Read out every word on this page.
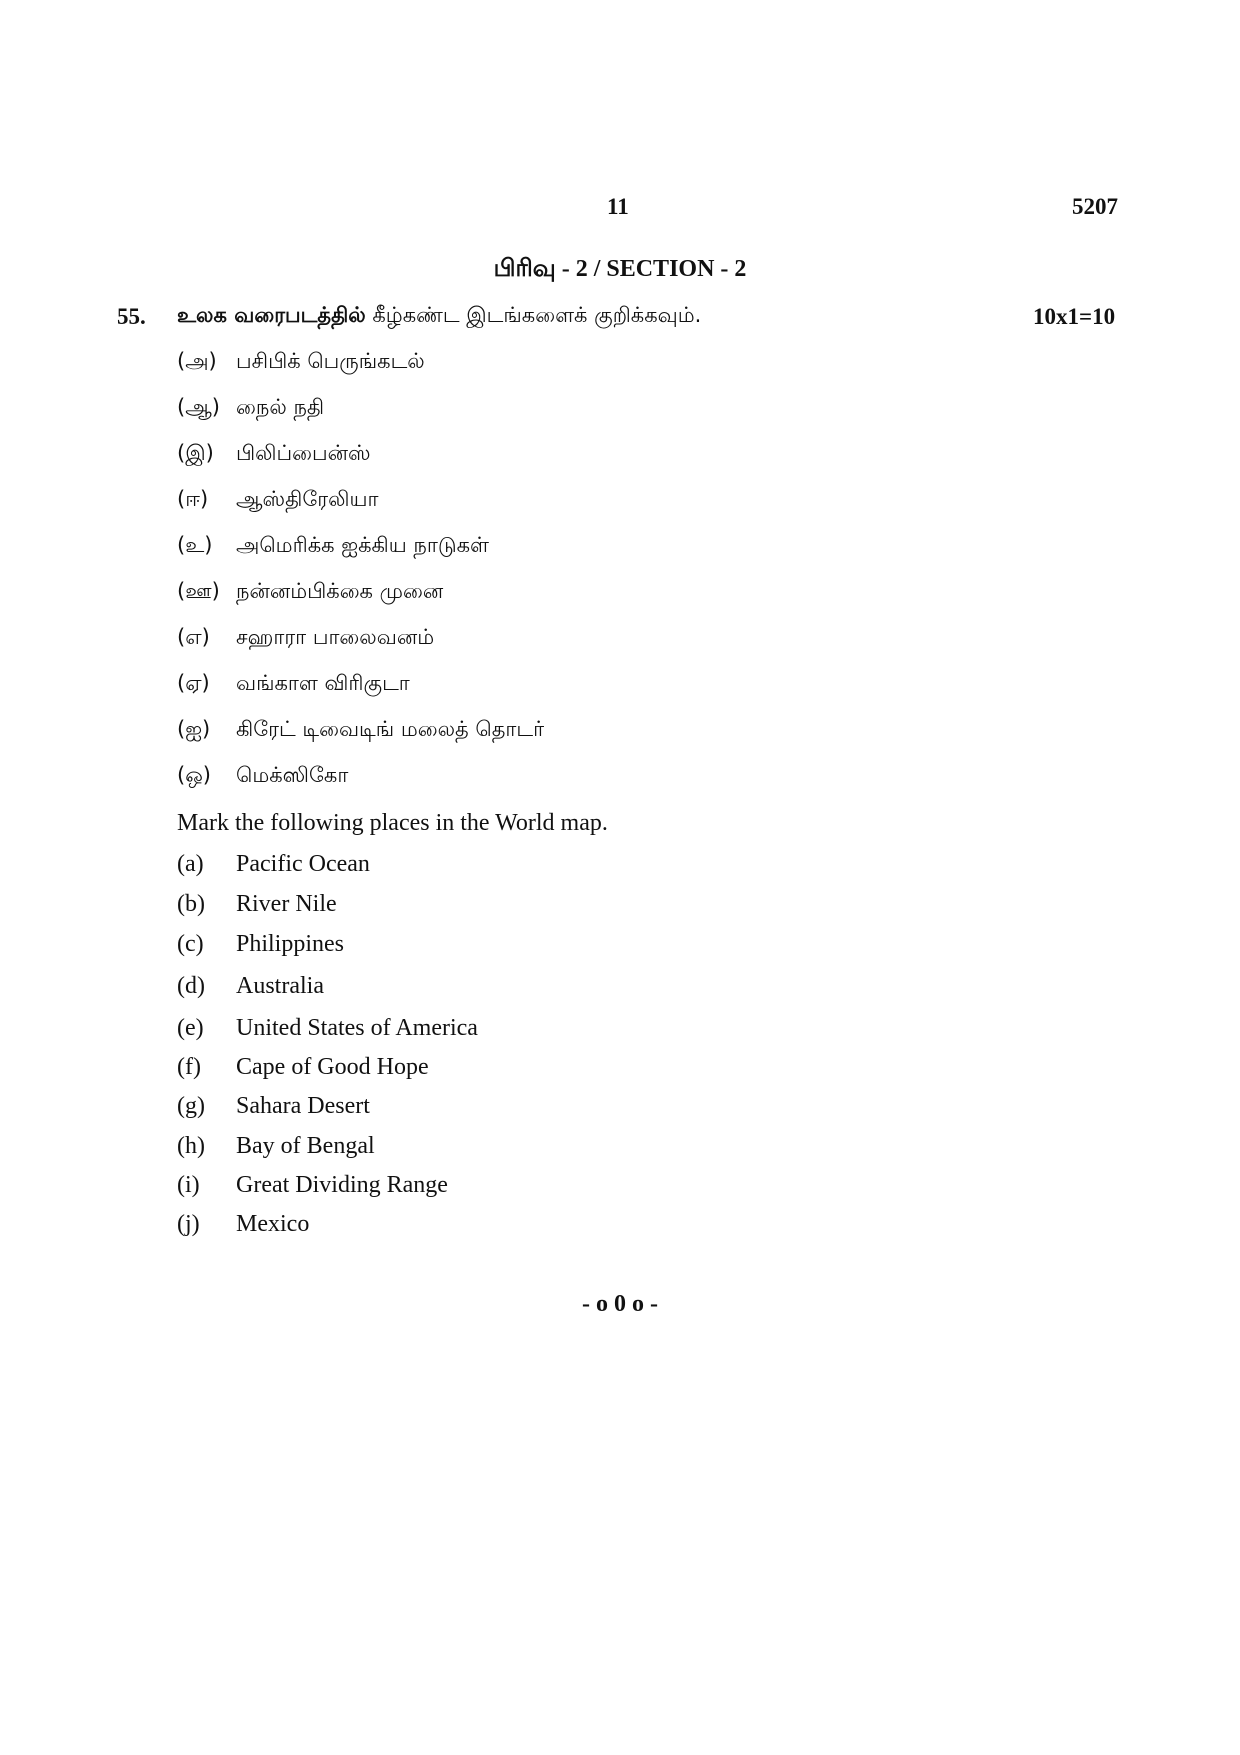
11	5207
பிரிவு - 2 / SECTION - 2
55. உலக வரைபடத்தில் கீழ்கண்ட இடங்களைக் குறிக்கவும்.	10x1=10
(அ) பசிபிக் பெருங்கடல்
(ஆ) நைல் நதி
(இ) பிலிப்பைன்ஸ்
(ஈ) ஆஸ்திரேலியா
(உ) அமெரிக்க ஐக்கிய நாடுகள்
(ஊ) நன்னம்பிக்கை முனை
(எ) சஹாரா பாலைவனம்
(ஏ) வங்காள விரிகுடா
(ஐ) கிரேட் டிவைடிங் மலைத் தொடர்
(ஒ) மெக்ஸிகோ
Mark the following places in the World map.
(a) Pacific Ocean
(b) River Nile
(c) Philippines
(d) Australia
(e) United States of America
(f) Cape of Good Hope
(g) Sahara Desert
(h) Bay of Bengal
(i) Great Dividing Range
(j) Mexico
- o 0 o -
